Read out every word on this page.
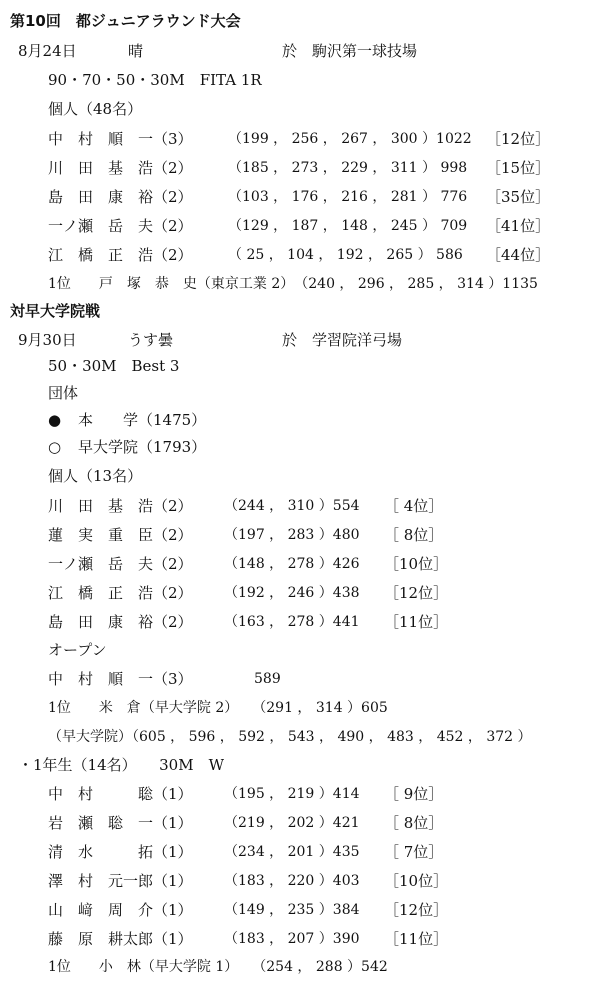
第10回　都ジュニアラウンド大会
8月24日	晴	於　駒沢第一球技場
90・70・50・30M　FITA 1R
個人（48名）
中　村　順　一（3）	（199 ， 256 ， 267 ， 300 ）1022 ［12位］
川　田　基　浩（2）	（185 ， 273 ， 229 ， 311 ） 998 ［15位］
島　田　康　裕（2）	（103 ， 176 ， 216 ， 281 ） 776 ［35位］
一ノ瀬　岳　夫（2）	（129 ， 187 ， 148 ， 245 ） 709 ［41位］
江　橋　正　浩（2）	（ 25 ， 104 ， 192 ， 265 ） 586 ［44位］
1位　　戸　塚　恭　史（東京工業 2）　（240 ， 296 ， 285 ， 314 ）1135
対早大学院戦
9月30日	うす曇	於　学習院洋弓場
50・30M　Best 3
団体
● 本　　学（1475）
○ 早大学院（1793）
個人（13名）
川　田　基　浩（2） （244 ， 310 ）554 ［ 4位］
蓮　実　重　臣（2） （197 ， 283 ）480 ［ 8位］
一ノ瀬　岳　夫（2） （148 ， 278 ）426 ［10位］
江　橋　正　浩（2） （192 ， 246 ）438 ［12位］
島　田　康　裕（2） （163 ， 278 ）441 ［11位］
オープン
中　村　順　一（3）	589
1位　　米　倉（早大学院 2）　　（291 ， 314 ）605
（早大学院）（605 ， 596 ， 592 ， 543 ， 490 ， 483 ， 452 ， 372 ）
・1年生（14名）　　30M　W
中　村　　　聡（1） （195 ， 219 ）414 ［ 9位］
岩　瀬　聡　一（1） （219 ， 202 ）421 ［ 8位］
清　水　　　拓（1） （234 ， 201 ）435 ［ 7位］
澤　村　元一郎（1） （183 ， 220 ）403 ［10位］
山　﨑　周　介（1） （149 ， 235 ）384 ［12位］
藤　原　耕太郎（1） （183 ， 207 ）390 ［11位］
1位　　小　林（早大学院 1）　　（254 ， 288 ）542
